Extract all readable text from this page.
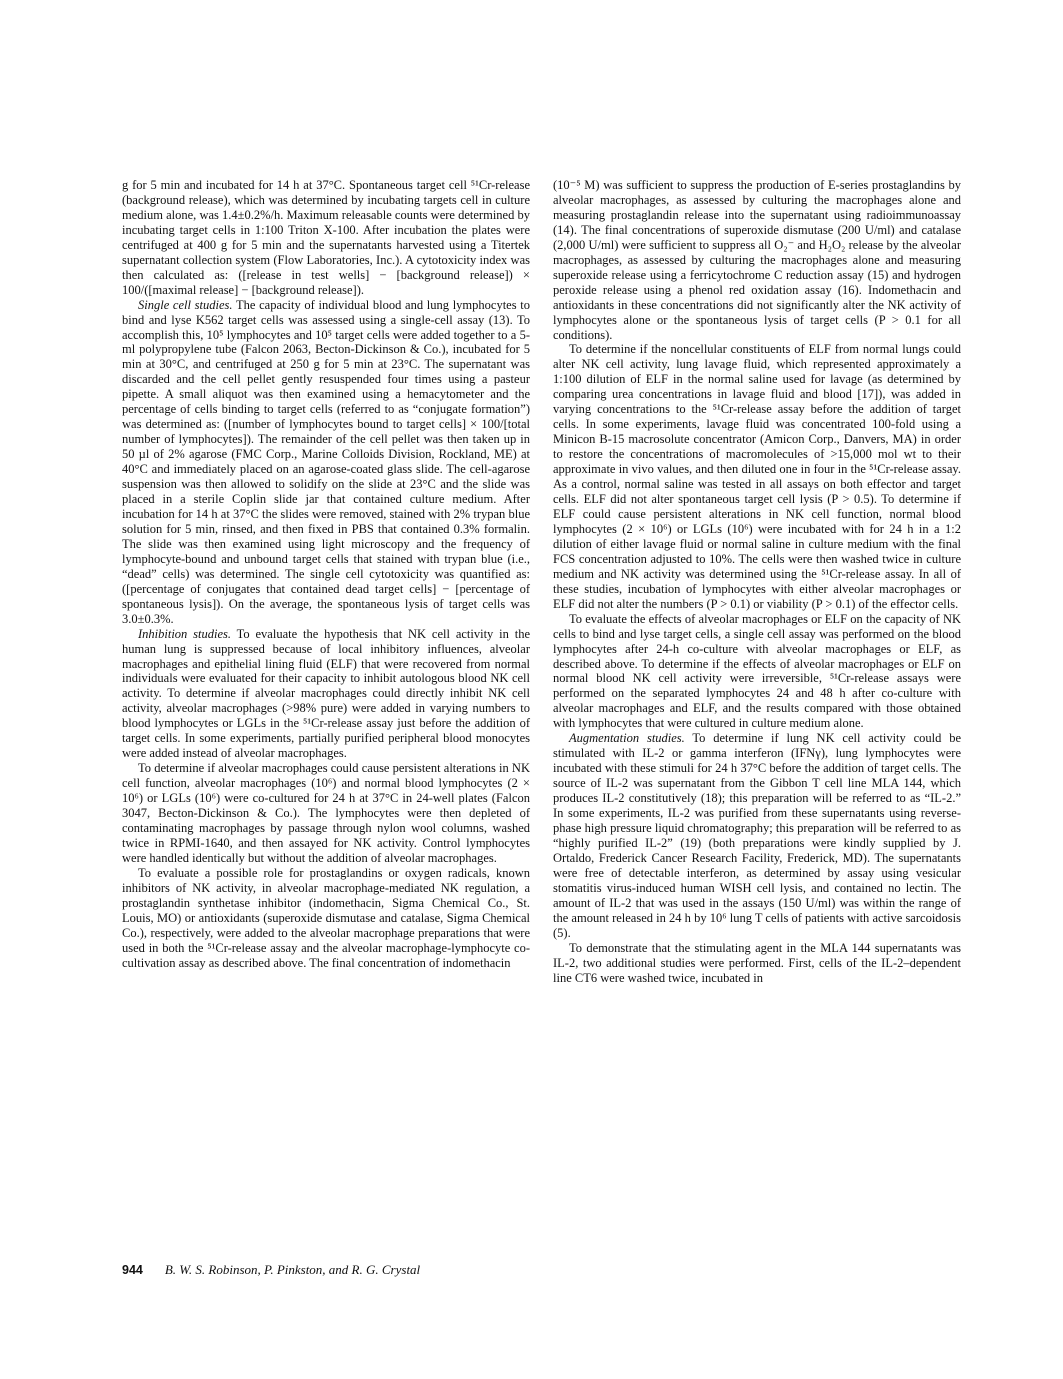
g for 5 min and incubated for 14 h at 37°C. Spontaneous target cell ⁵¹Cr-release (background release), which was determined by incubating targets cell in culture medium alone, was 1.4±0.2%/h. Maximum releasable counts were determined by incubating target cells in 1:100 Triton X-100. After incubation the plates were centrifuged at 400 g for 5 min and the supernatants harvested using a Titertek supernatant collection system (Flow Laboratories, Inc.). A cytotoxicity index was then calculated as: ([release in test wells] − [background release]) × 100/([maximal release] − [background release]).

Single cell studies. The capacity of individual blood and lung lymphocytes to bind and lyse K562 target cells was assessed using a single-cell assay (13). To accomplish this, 10⁵ lymphocytes and 10⁵ target cells were added together to a 5-ml polypropylene tube (Falcon 2063, Becton-Dickinson & Co.), incubated for 5 min at 30°C, and centrifuged at 250 g for 5 min at 23°C. The supernatant was discarded and the cell pellet gently resuspended four times using a pasteur pipette. A small aliquot was then examined using a hemacytometer and the percentage of cells binding to target cells (referred to as “conjugate formation”) was determined as: ([number of lymphocytes bound to target cells] × 100/[total number of lymphocytes]). The remainder of the cell pellet was then taken up in 50 µl of 2% agarose (FMC Corp., Marine Colloids Division, Rockland, ME) at 40°C and immediately placed on an agarose-coated glass slide. The cell-agarose suspension was then allowed to solidify on the slide at 23°C and the slide was placed in a sterile Coplin slide jar that contained culture medium. After incubation for 14 h at 37°C the slides were removed, stained with 2% trypan blue solution for 5 min, rinsed, and then fixed in PBS that contained 0.3% formalin. The slide was then examined using light microscopy and the frequency of lymphocyte-bound and unbound target cells that stained with trypan blue (i.e., “dead” cells) was determined. The single cell cytotoxicity was quantified as: ([percentage of conjugates that contained dead target cells] − [percentage of spontaneous lysis]). On the average, the spontaneous lysis of target cells was 3.0±0.3%.

Inhibition studies. To evaluate the hypothesis that NK cell activity in the human lung is suppressed because of local inhibitory influences, alveolar macrophages and epithelial lining fluid (ELF) that were recovered from normal individuals were evaluated for their capacity to inhibit autologous blood NK cell activity. To determine if alveolar macrophages could directly inhibit NK cell activity, alveolar macrophages (>98% pure) were added in varying numbers to blood lymphocytes or LGLs in the ⁵¹Cr-release assay just before the addition of target cells. In some experiments, partially purified peripheral blood monocytes were added instead of alveolar macrophages.

To determine if alveolar macrophages could cause persistent alterations in NK cell function, alveolar macrophages (10⁶) and normal blood lymphocytes (2 × 10⁶) or LGLs (10⁶) were co-cultured for 24 h at 37°C in 24-well plates (Falcon 3047, Becton-Dickinson & Co.). The lymphocytes were then depleted of contaminating macrophages by passage through nylon wool columns, washed twice in RPMI-1640, and then assayed for NK activity. Control lymphocytes were handled identically but without the addition of alveolar macrophages.

To evaluate a possible role for prostaglandins or oxygen radicals, known inhibitors of NK activity, in alveolar macrophage-mediated NK regulation, a prostaglandin synthetase inhibitor (indomethacin, Sigma Chemical Co., St. Louis, MO) or antioxidants (superoxide dismutase and catalase, Sigma Chemical Co.), respectively, were added to the alveolar macrophage preparations that were used in both the ⁵¹Cr-release assay and the alveolar macrophage-lymphocyte co-cultivation assay as described above. The final concentration of indomethacin

(10⁻⁵ M) was sufficient to suppress the production of E-series prostaglandins by alveolar macrophages, as assessed by culturing the macrophages alone and measuring prostaglandin release into the supernatant using radioimmunoassay (14). The final concentrations of superoxide dismutase (200 U/ml) and catalase (2,000 U/ml) were sufficient to suppress all O₂⁻ and H₂O₂ release by the alveolar macrophages, as assessed by culturing the macrophages alone and measuring superoxide release using a ferricytochrome C reduction assay (15) and hydrogen peroxide release using a phenol red oxidation assay (16). Indomethacin and antioxidants in these concentrations did not significantly alter the NK activity of lymphocytes alone or the spontaneous lysis of target cells (P > 0.1 for all conditions).

To determine if the noncellular constituents of ELF from normal lungs could alter NK cell activity, lung lavage fluid, which represented approximately a 1:100 dilution of ELF in the normal saline used for lavage (as determined by comparing urea concentrations in lavage fluid and blood [17]), was added in varying concentrations to the ⁵¹Cr-release assay before the addition of target cells. In some experiments, lavage fluid was concentrated 100-fold using a Minicon B-15 macrosolute concentrator (Amicon Corp., Danvers, MA) in order to restore the concentrations of macromolecules of >15,000 mol wt to their approximate in vivo values, and then diluted one in four in the ⁵¹Cr-release assay. As a control, normal saline was tested in all assays on both effector and target cells. ELF did not alter spontaneous target cell lysis (P > 0.5). To determine if ELF could cause persistent alterations in NK cell function, normal blood lymphocytes (2 × 10⁶) or LGLs (10⁶) were incubated with for 24 h in a 1:2 dilution of either lavage fluid or normal saline in culture medium with the final FCS concentration adjusted to 10%. The cells were then washed twice in culture medium and NK activity was determined using the ⁵¹Cr-release assay. In all of these studies, incubation of lymphocytes with either alveolar macrophages or ELF did not alter the numbers (P > 0.1) or viability (P > 0.1) of the effector cells.

To evaluate the effects of alveolar macrophages or ELF on the capacity of NK cells to bind and lyse target cells, a single cell assay was performed on the blood lymphocytes after 24-h co-culture with alveolar macrophages or ELF, as described above. To determine if the effects of alveolar macrophages or ELF on normal blood NK cell activity were irreversible, ⁵¹Cr-release assays were performed on the separated lymphocytes 24 and 48 h after co-culture with alveolar macrophages and ELF, and the results compared with those obtained with lymphocytes that were cultured in culture medium alone.

Augmentation studies. To determine if lung NK cell activity could be stimulated with IL-2 or gamma interferon (IFNγ), lung lymphocytes were incubated with these stimuli for 24 h 37°C before the addition of target cells. The source of IL-2 was supernatant from the Gibbon T cell line MLA 144, which produces IL-2 constitutively (18); this preparation will be referred to as “IL-2.” In some experiments, IL-2 was purified from these supernatants using reverse-phase high pressure liquid chromatography; this preparation will be referred to as “highly purified IL-2” (19) (both preparations were kindly supplied by J. Ortaldo, Frederick Cancer Research Facility, Frederick, MD). The supernatants were free of detectable interferon, as determined by assay using vesicular stomatitis virus-induced human WISH cell lysis, and contained no lectin. The amount of IL-2 that was used in the assays (150 U/ml) was within the range of the amount released in 24 h by 10⁶ lung T cells of patients with active sarcoidosis (5).

To demonstrate that the stimulating agent in the MLA 144 supernatants was IL-2, two additional studies were performed. First, cells of the IL-2–dependent line CT6 were washed twice, incubated in

944 B. W. S. Robinson, P. Pinkston, and R. G. Crystal
